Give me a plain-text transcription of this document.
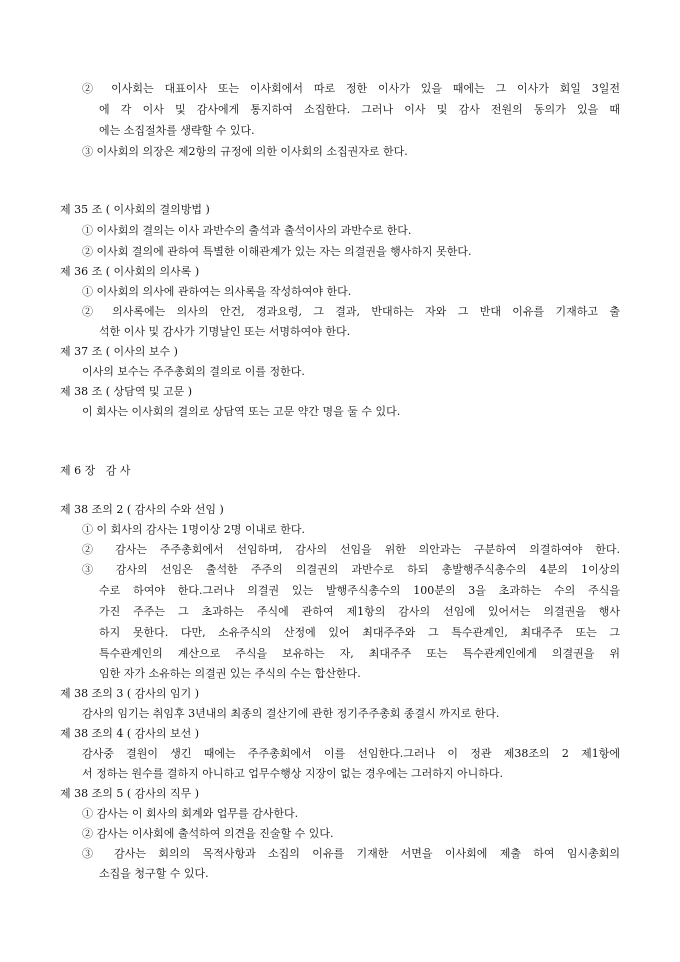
② 이사회는 대표이사 또는 이사회에서 따로 정한 이사가 있을 때에는 그 이사가 회일 3일전
에 각 이사 및 감사에게 통지하여 소집한다. 그러나 이사 및 감사 전원의 동의가 있을 때
에는 소집절차를 생략할 수 있다.
③ 이사회의 의장은 제2항의 규정에 의한 이사회의 소집권자로 한다.
제 35 조 ( 이사회의 결의방법 )
① 이사회의 결의는 이사 과반수의 출석과 출석이사의 과반수로 한다.
② 이사회 결의에 관하여 특별한 이해관계가 있는 자는 의결권을 행사하지 못한다.
제 36 조 ( 이사회의 의사록 )
① 이사회의 의사에 관하여는 의사록을 작성하여야 한다.
② 의사록에는 의사의 안건, 경과요령, 그 결과, 반대하는 자와 그 반대 이유를 기재하고 출
석한 이사 및 감사가 기명날인 또는 서명하여야 한다.
제 37 조 ( 이사의 보수 )
이사의 보수는 주주총회의 결의로 이를 정한다.
제 38 조 ( 상담역 및 고문 )
이 회사는 이사회의 결의로 상담역 또는 고문 약간 명을 둘 수 있다.
제 6 장   감 사
제 38 조의 2 ( 감사의 수와 선임 )
① 이 회사의 감사는 1명이상 2명 이내로 한다.
② 감사는 주주총회에서 선임하며, 감사의 선임을 위한 의안과는 구분하여 의결하여야 한다.
③ 감사의 선임은 출석한 주주의 의결권의 과반수로 하되 총발행주식총수의 4분의 1이상의
수로 하여야 한다.그러나 의결권 있는 발행주식총수의 100분의 3을 초과하는 수의 주식을
가진 주주는 그 초과하는 주식에 관하여 제1항의 감사의 선임에 있어서는 의결권을 행사
하지 못한다. 다만, 소유주식의 산정에 있어 최대주주와 그 특수관계인, 최대주주 또는 그
특수관계인의 계산으로 주식을 보유하는 자, 최대주주 또는 특수관계인에게 의결권을 위
임한 자가 소유하는 의결권 있는 주식의 수는 합산한다.
제 38 조의 3 ( 감사의 임기 )
감사의 임기는 취임후 3년내의 최종의 결산기에 관한 정기주주총회 종결시 까지로 한다.
제 38 조의 4 ( 감사의 보선 )
감사중 결원이 생긴 때에는 주주총회에서 이를 선임한다.그러나 이 정관 제38조의 2 제1항에
서 정하는 원수를 결하지 아니하고 업무수행상 지장이 없는 경우에는 그러하지 아니하다.
제 38 조의 5 ( 감사의 직무 )
① 감사는 이 회사의 회계와 업무를 감사한다.
② 감사는 이사회에 출석하여 의견을 진술할 수 있다.
③ 감사는 회의의 목적사항과 소집의 이유를 기재한 서면을 이사회에 제출 하여 임시총회의
소집을 청구할 수 있다.
